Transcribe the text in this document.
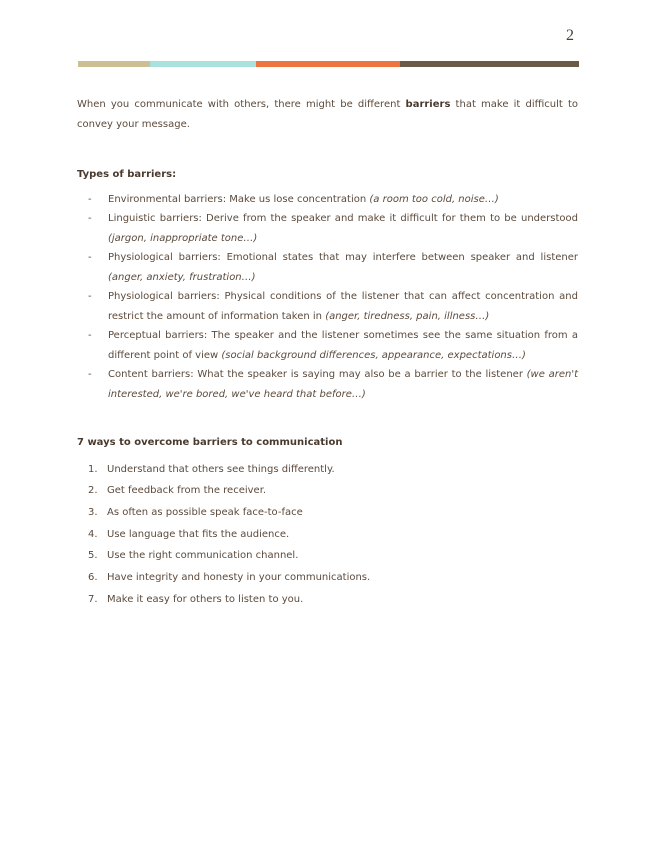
2

When you communicate with others, there might be different barriers that make it difficult to convey your message.

Types of barriers:

- Environmental barriers: Make us lose concentration (a room too cold, noise…)
- Linguistic barriers: Derive from the speaker and make it difficult for them to be understood (jargon, inappropriate tone…)
- Physiological barriers: Emotional states that may interfere between speaker and listener (anger, anxiety, frustration…)
- Physiological barriers: Physical conditions of the listener that can affect concentration and restrict the amount of information taken in (anger, tiredness, pain, illness…)
- Perceptual barriers: The speaker and the listener sometimes see the same situation from a different point of view (social background differences, appearance, expectations…)
- Content barriers: What the speaker is saying may also be a barrier to the listener (we aren't interested, we're bored, we've heard that before…)

7 ways to overcome barriers to communication

1. Understand that others see things differently.
2. Get feedback from the receiver.
3. As often as possible speak face-to-face
4. Use language that fits the audience.
5. Use the right communication channel.
6. Have integrity and honesty in your communications.
7. Make it easy for others to listen to you.
